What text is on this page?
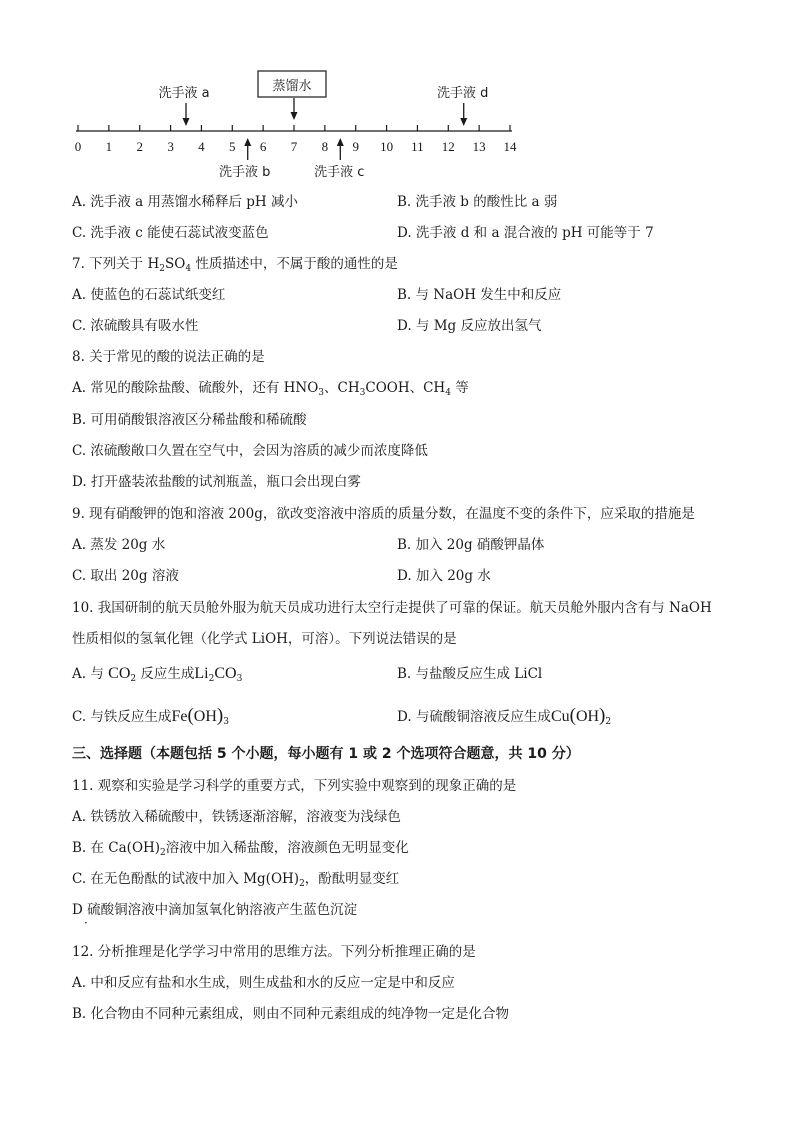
0 1 2 3 4 5 6 7 8 9 10 11 12 13 14
蒸馏水
洗手液 a	洗手液 d
洗手液 b	洗手液 c
A. 洗手液 a 用蒸馏水稀释后 pH 减小	B. 洗手液 b 的酸性比 a 弱
C. 洗手液 c 能使石蕊试液变蓝色	D. 洗手液 d 和 a 混合液的 pH 可能等于 7
7. 下列关于 $H_2SO_4$ 性质描述中，不属于酸的通性的是
A. 使蓝色的石蕊试纸变红	B. 与 NaOH 发生中和反应
C. 浓硫酸具有吸水性	D. 与 Mg 反应放出氢气
8. 关于常见的酸的说法正确的是
A. 常见的酸除盐酸、硫酸外，还有 $HNO_3$、$CH_3COOH$、$CH_4$ 等
B. 可用硝酸银溶液区分稀盐酸和稀硫酸
C. 浓硫酸敞口久置在空气中，会因为溶质的减少而浓度降低
D. 打开盛装浓盐酸的试剂瓶盖，瓶口会出现白雾
9. 现有硝酸钾的饱和溶液 200g，欲改变溶液中溶质的质量分数，在温度不变的条件下，应采取的措施是
A. 蒸发 20g 水	B. 加入 20g 硝酸钾晶体
C. 取出 20g 溶液	D. 加入 20g 水
10. 我国研制的航天员舱外服为航天员成功进行太空行走提供了可靠的保证。航天员舱外服内含有与 NaOH
性质相似的氢氧化锂（化学式 LiOH，可溶）。下列说法错误的是
A. 与 $CO_2$ 反应生成$Li_2CO_3$	B. 与盐酸反应生成 LiCl
C. 与铁反应生成$Fe(OH)_3$	D. 与硫酸铜溶液反应生成$Cu(OH)_2$
三、选择题（本题包括 5 个小题，每小题有 1 或 2 个选项符合题意，共 10 分）
11. 观察和实验是学习科学的重要方式，下列实验中观察到的现象正确的是
A. 铁锈放入稀硫酸中，铁锈逐渐溶解，溶液变为浅绿色
B. 在 $Ca(OH)_2$溶液中加入稀盐酸，溶液颜色无明显变化
C. 在无色酚酞的试液中加入 $Mg(OH)_2$，酚酞明显变红
D 硫酸铜溶液中滴加氢氧化钠溶液产生蓝色沉淀
·
12. 分析推理是化学学习中常用的思维方法。下列分析推理正确的是
A. 中和反应有盐和水生成，则生成盐和水的反应一定是中和反应
B. 化合物由不同种元素组成，则由不同种元素组成的纯净物一定是化合物
